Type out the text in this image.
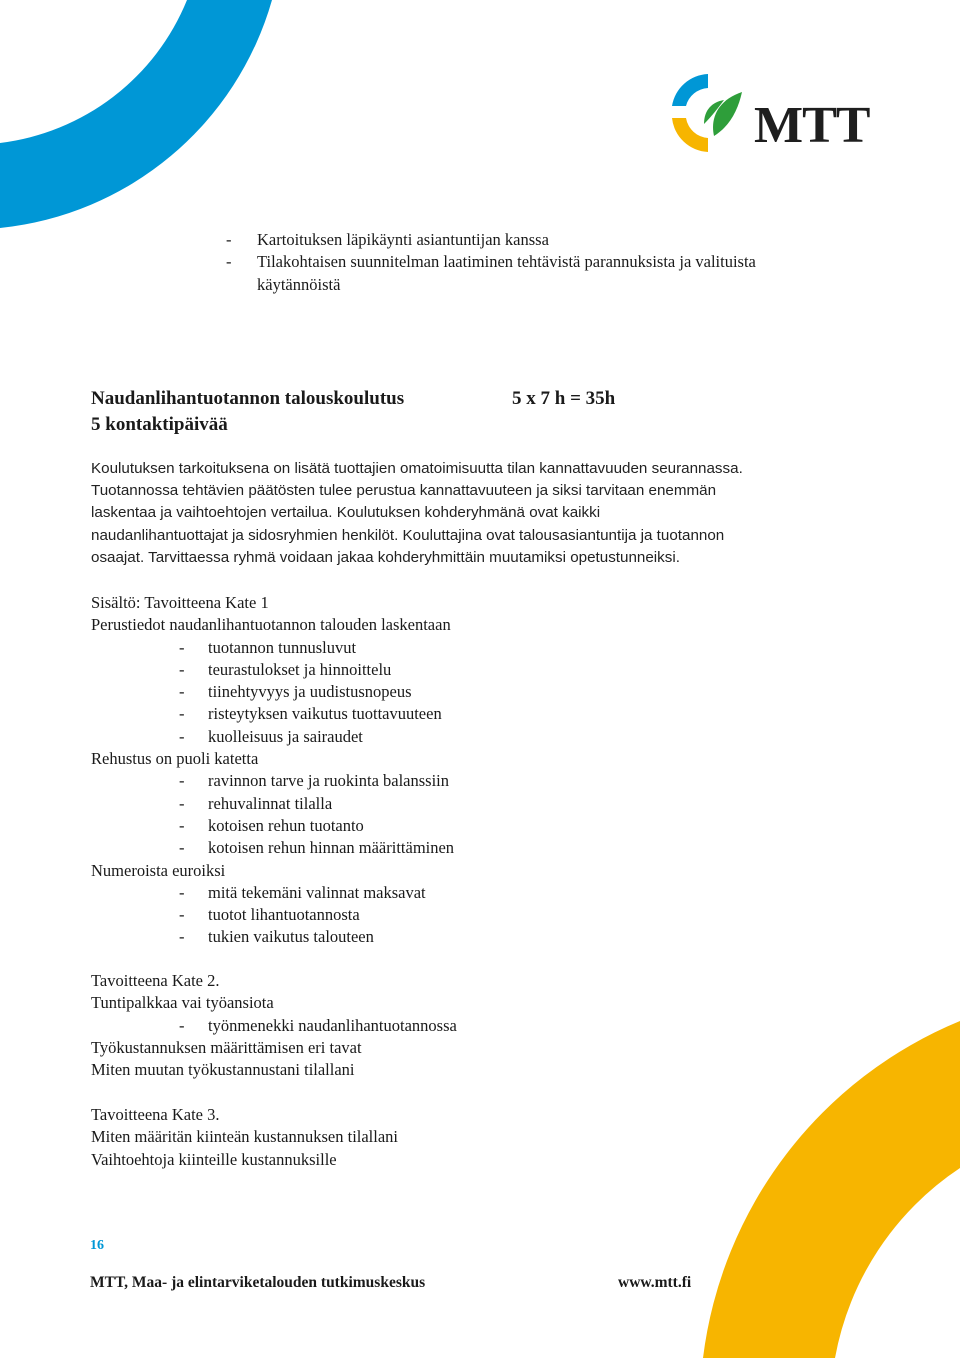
MTT
- Kartoituksen läpikäynti asiantuntijan kanssa
- Tilakohtaisen suunnitelman laatiminen tehtävistä parannuksista ja valituista
käytännöistä
Naudanlihantuotannon talouskoulutus	5 x 7 h = 35h
5 kontaktipäivää
Koulutuksen tarkoituksena on lisätä tuottajien omatoimisuutta tilan kannattavuuden seurannassa.
Tuotannossa tehtävien päätösten tulee perustua kannattavuuteen ja siksi tarvitaan enemmän
laskentaa ja vaihtoehtojen vertailua. Koulutuksen kohderyhmänä ovat kaikki
naudanlihantuottajat ja sidosryhmien henkilöt. Kouluttajina ovat talousasiantuntija ja tuotannon
osaajat. Tarvittaessa ryhmä voidaan jakaa kohderyhmittäin muutamiksi opetustunneiksi.
Sisältö: Tavoitteena Kate 1
Perustiedot naudanlihantuotannon talouden laskentaan
- tuotannon tunnusluvut
- teurastulokset ja hinnoittelu
- tiinehtyvyys ja uudistusnopeus
- risteytyksen vaikutus tuottavuuteen
- kuolleisuus ja sairaudet
Rehustus on puoli katetta
- ravinnon tarve ja ruokinta balanssiin
- rehuvalinnat tilalla
- kotoisen rehun tuotanto
- kotoisen rehun hinnan määrittäminen
Numeroista euroiksi
- mitä tekemäni valinnat maksavat
- tuotot lihantuotannosta
- tukien vaikutus talouteen
Tavoitteena Kate 2.
Tuntipalkkaa vai työansiota
- työnmenekki naudanlihantuotannossa
Työkustannuksen määrittämisen eri tavat
Miten muutan työkustannustani tilallani
Tavoitteena Kate 3.
Miten määritän kiinteän kustannuksen tilallani
Vaihtoehtoja kiinteille kustannuksille
16
MTT, Maa- ja elintarviketalouden tutkimuskeskus	www.mtt.fi
